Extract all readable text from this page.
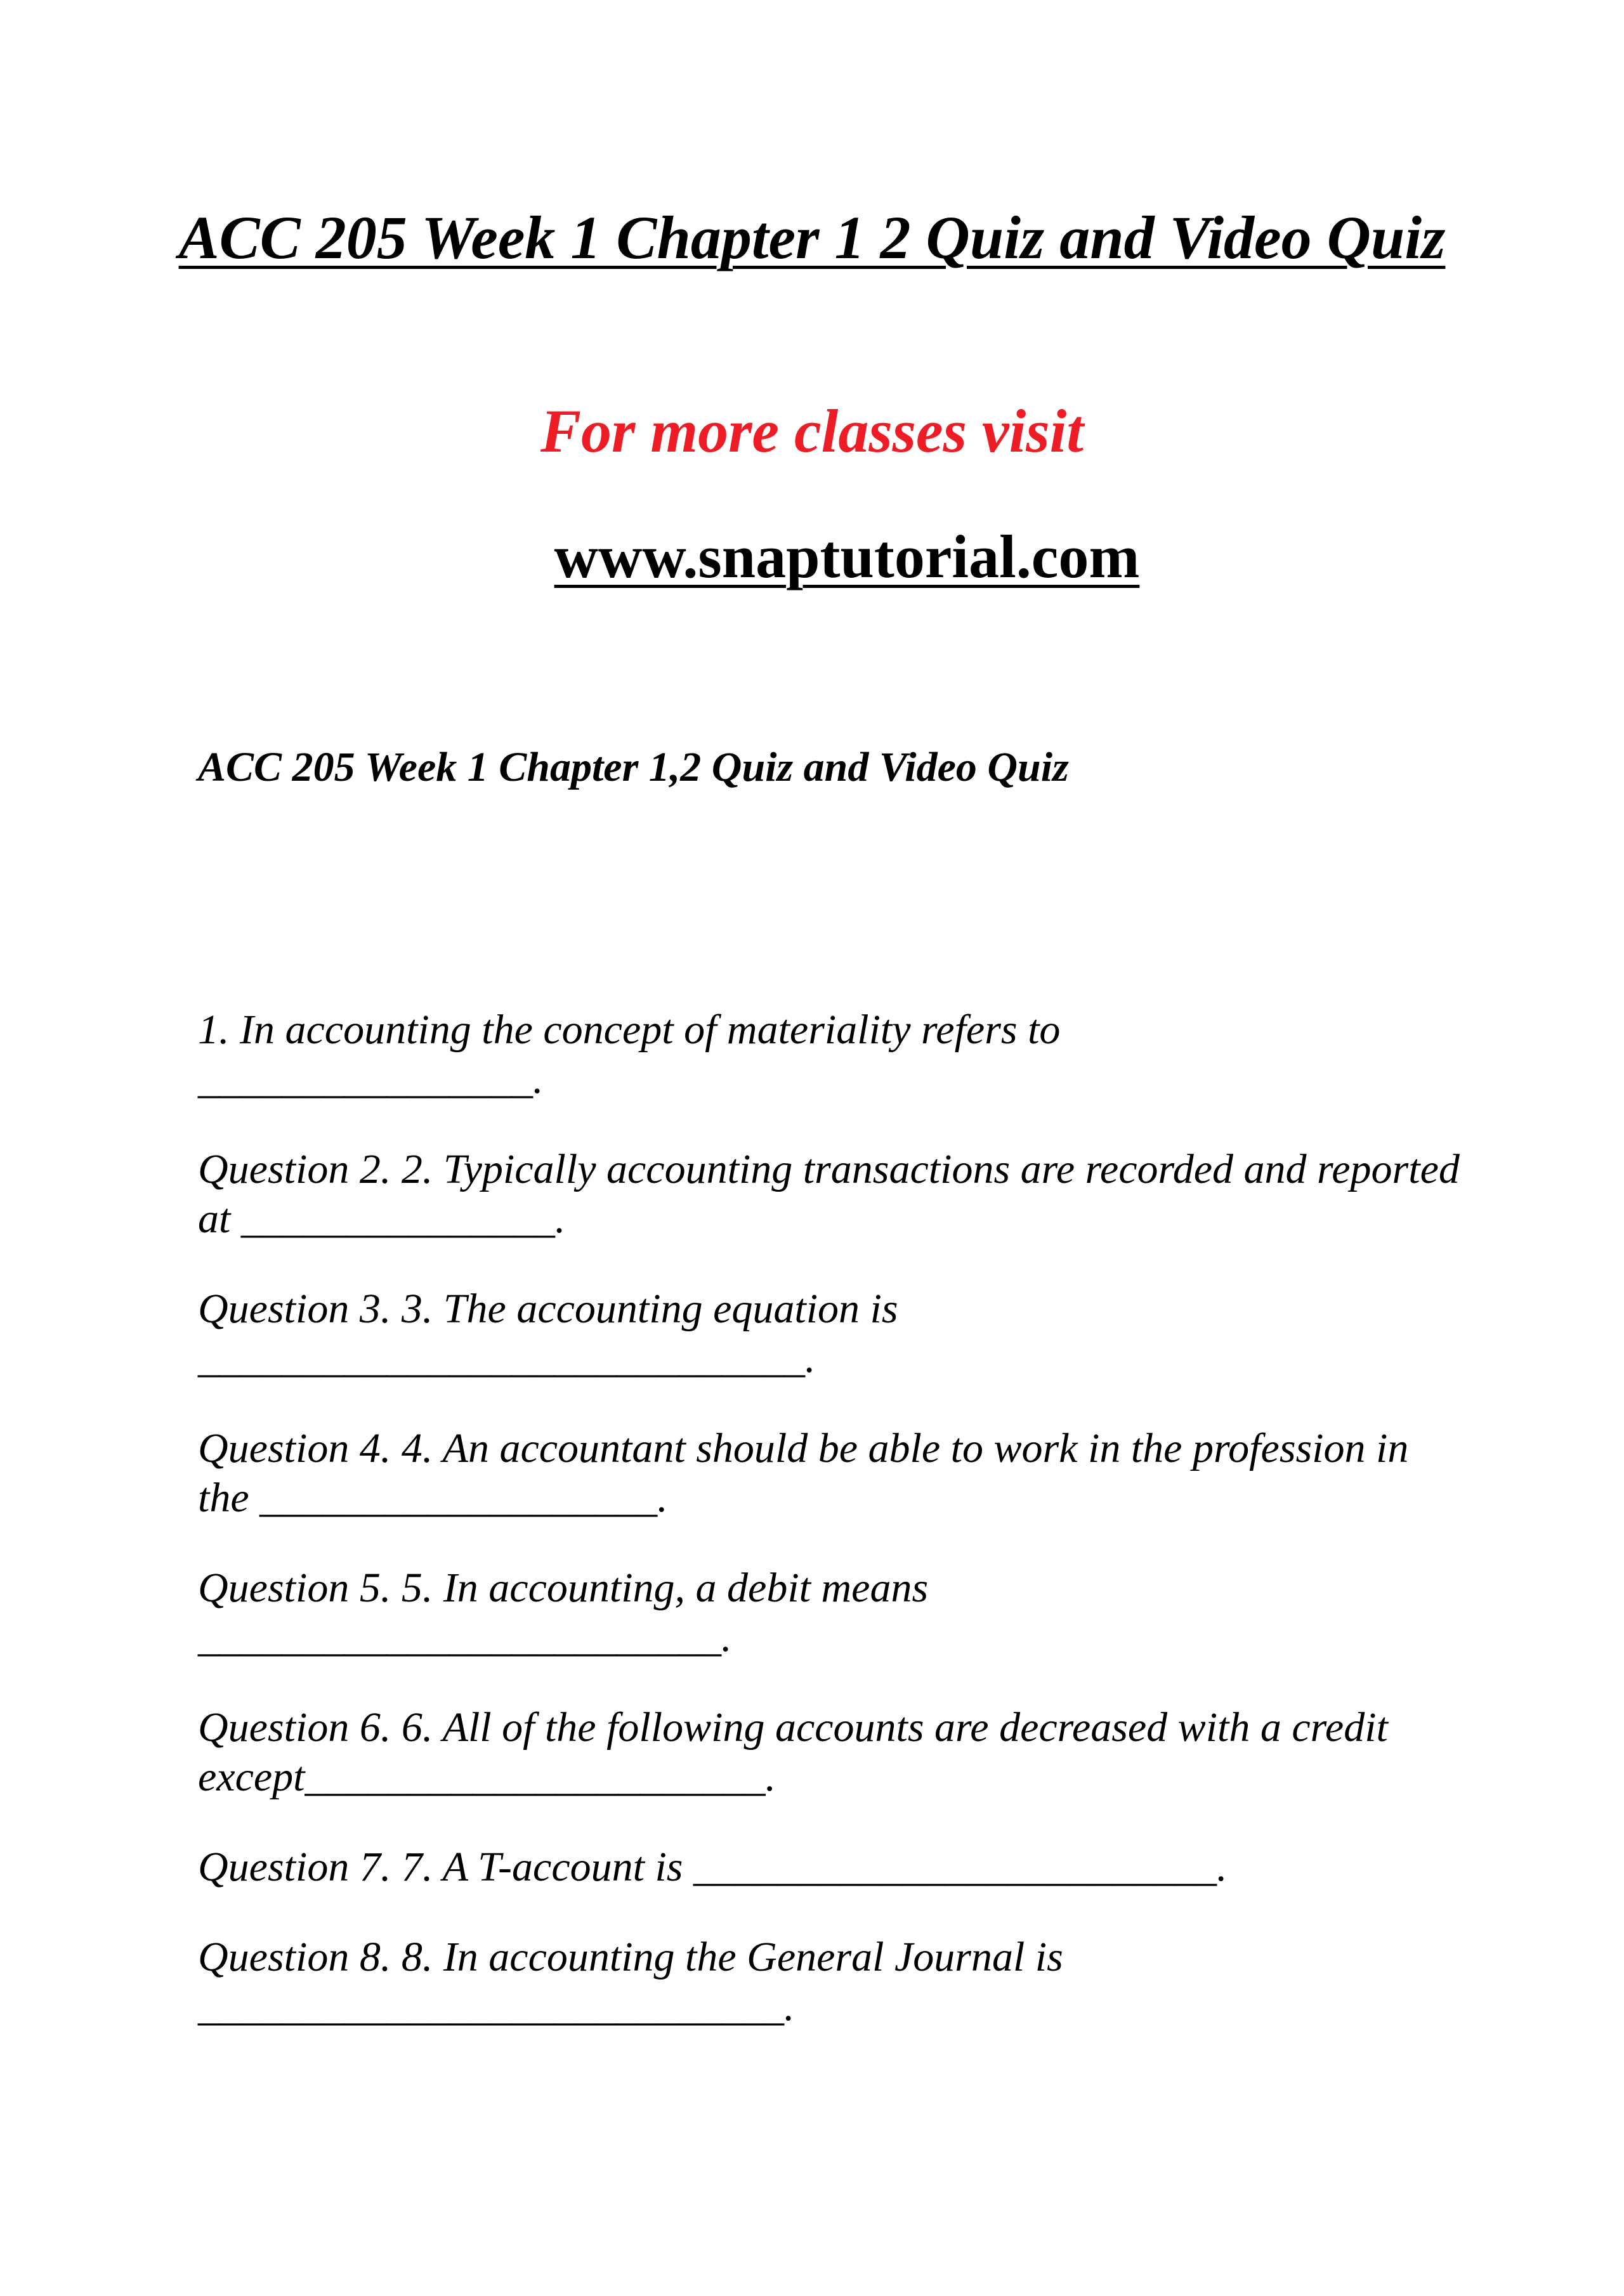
ACC 205 Week 1 Chapter 1 2 Quiz and Video Quiz

For more classes visit

www.snaptutorial.com

ACC 205 Week 1 Chapter 1,2 Quiz and Video Quiz

1. In accounting the concept of materiality refers to
________________.
Question 2. 2. Typically accounting transactions are recorded and reported at _______________.
Question 3. 3. The accounting equation is
_____________________________.
Question 4. 4. An accountant should be able to work in the profession in the ___________________.
Question 5. 5. In accounting, a debit means
_________________________.
Question 6. 6. All of the following accounts are decreased with a credit except______________________.
Question 7. 7. A T-account is _________________________.
Question 8. 8. In accounting the General Journal is
____________________________.
